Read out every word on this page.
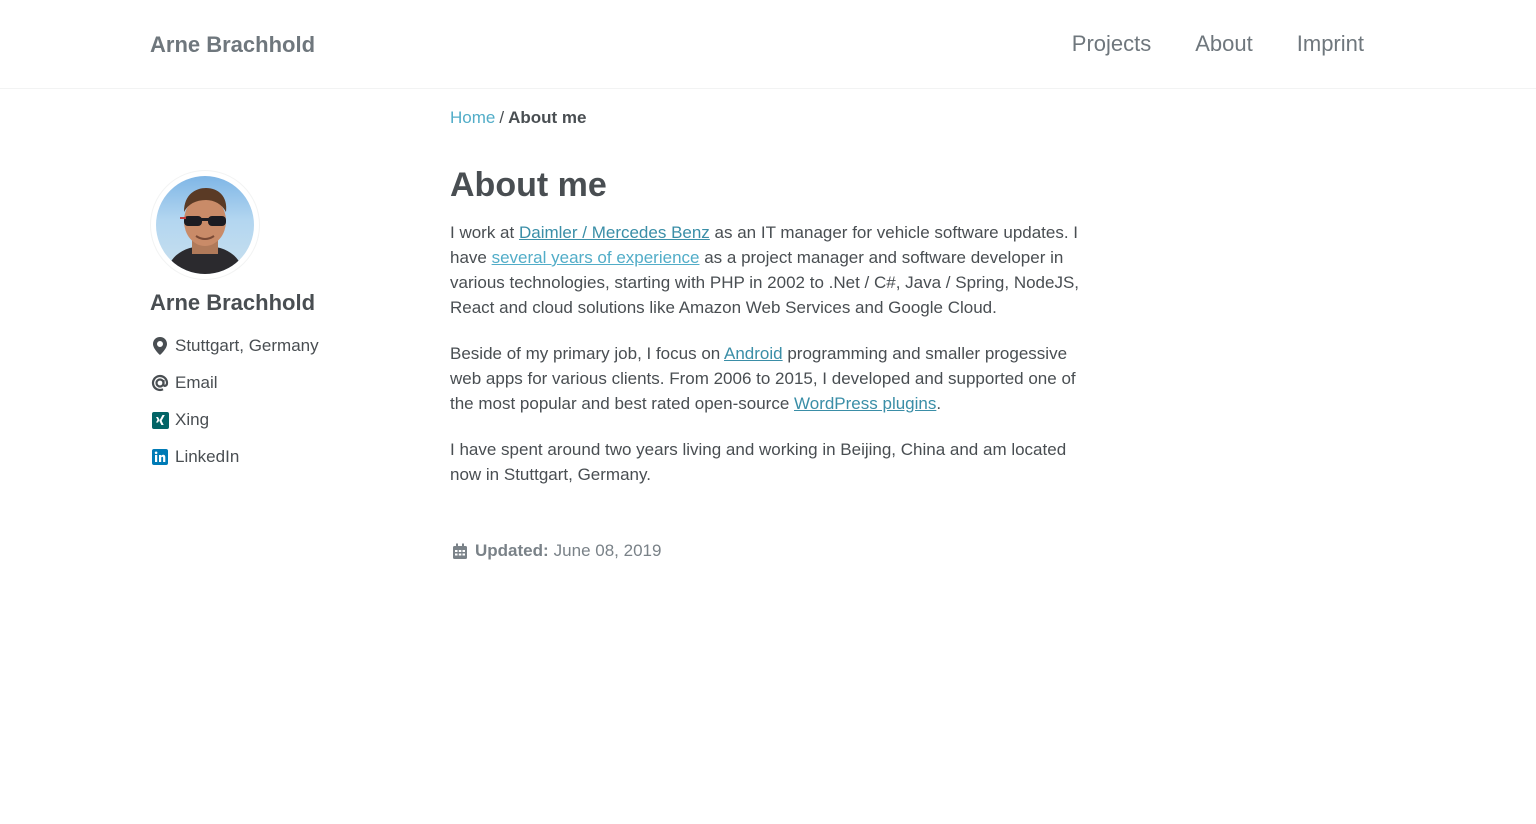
Arne Brachhold	Projects About Imprint
Home / About me
Arne Brachhold
Stuttgart, Germany
Email
Xing
LinkedIn
About me

I work at Daimler / Mercedes Benz as an IT manager for vehicle software updates. I have several years of experience as a project manager and software developer in various technologies, starting with PHP in 2002 to .Net / C#, Java / Spring, NodeJS, React and cloud solutions like Amazon Web Services and Google Cloud.

Beside of my primary job, I focus on Android programming and smaller progessive web apps for various clients. From 2006 to 2015, I developed and supported one of the most popular and best rated open-source WordPress plugins.

I have spent around two years living and working in Beijing, China and am located now in Stuttgart, Germany.

Updated: June 08, 2019
